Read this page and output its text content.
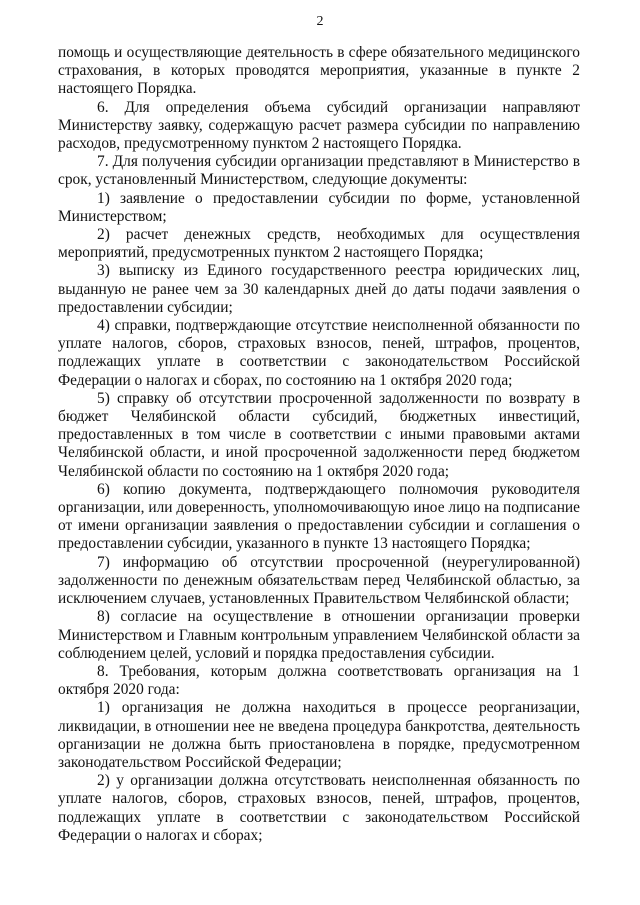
2

помощь и осуществляющие деятельность в сфере обязательного медицинского страхования, в которых проводятся мероприятия, указанные в пункте 2 настоящего Порядка.

6. Для определения объема субсидий организации направляют Министерству заявку, содержащую расчет размера субсидии по направлению расходов, предусмотренному пунктом 2 настоящего Порядка.

7. Для получения субсидии организации представляют в Министерство в срок, установленный Министерством, следующие документы:

1) заявление о предоставлении субсидии по форме, установленной Министерством;

2) расчет денежных средств, необходимых для осуществления мероприятий, предусмотренных пунктом 2 настоящего Порядка;

3) выписку из Единого государственного реестра юридических лиц, выданную не ранее чем за 30 календарных дней до даты подачи заявления о предоставлении субсидии;

4) справки, подтверждающие отсутствие неисполненной обязанности по уплате налогов, сборов, страховых взносов, пеней, штрафов, процентов, подлежащих уплате в соответствии с законодательством Российской Федерации о налогах и сборах, по состоянию на 1 октября 2020 года;

5) справку об отсутствии просроченной задолженности по возврату в бюджет Челябинской области субсидий, бюджетных инвестиций, предоставленных в том числе в соответствии с иными правовыми актами Челябинской области, и иной просроченной задолженности перед бюджетом Челябинской области по состоянию на 1 октября 2020 года;

6) копию документа, подтверждающего полномочия руководителя организации, или доверенность, уполномочивающую иное лицо на подписание от имени организации заявления о предоставлении субсидии и соглашения о предоставлении субсидии, указанного в пункте 13 настоящего Порядка;

7) информацию об отсутствии просроченной (неурегулированной) задолженности по денежным обязательствам перед Челябинской областью, за исключением случаев, установленных Правительством Челябинской области;

8) согласие на осуществление в отношении организации проверки Министерством и Главным контрольным управлением Челябинской области за соблюдением целей, условий и порядка предоставления субсидии.

8. Требования, которым должна соответствовать организация на 1 октября 2020 года:

1) организация не должна находиться в процессе реорганизации, ликвидации, в отношении нее не введена процедура банкротства, деятельность организации не должна быть приостановлена в порядке, предусмотренном законодательством Российской Федерации;

2) у организации должна отсутствовать неисполненная обязанность по уплате налогов, сборов, страховых взносов, пеней, штрафов, процентов, подлежащих уплате в соответствии с законодательством Российской Федерации о налогах и сборах;
